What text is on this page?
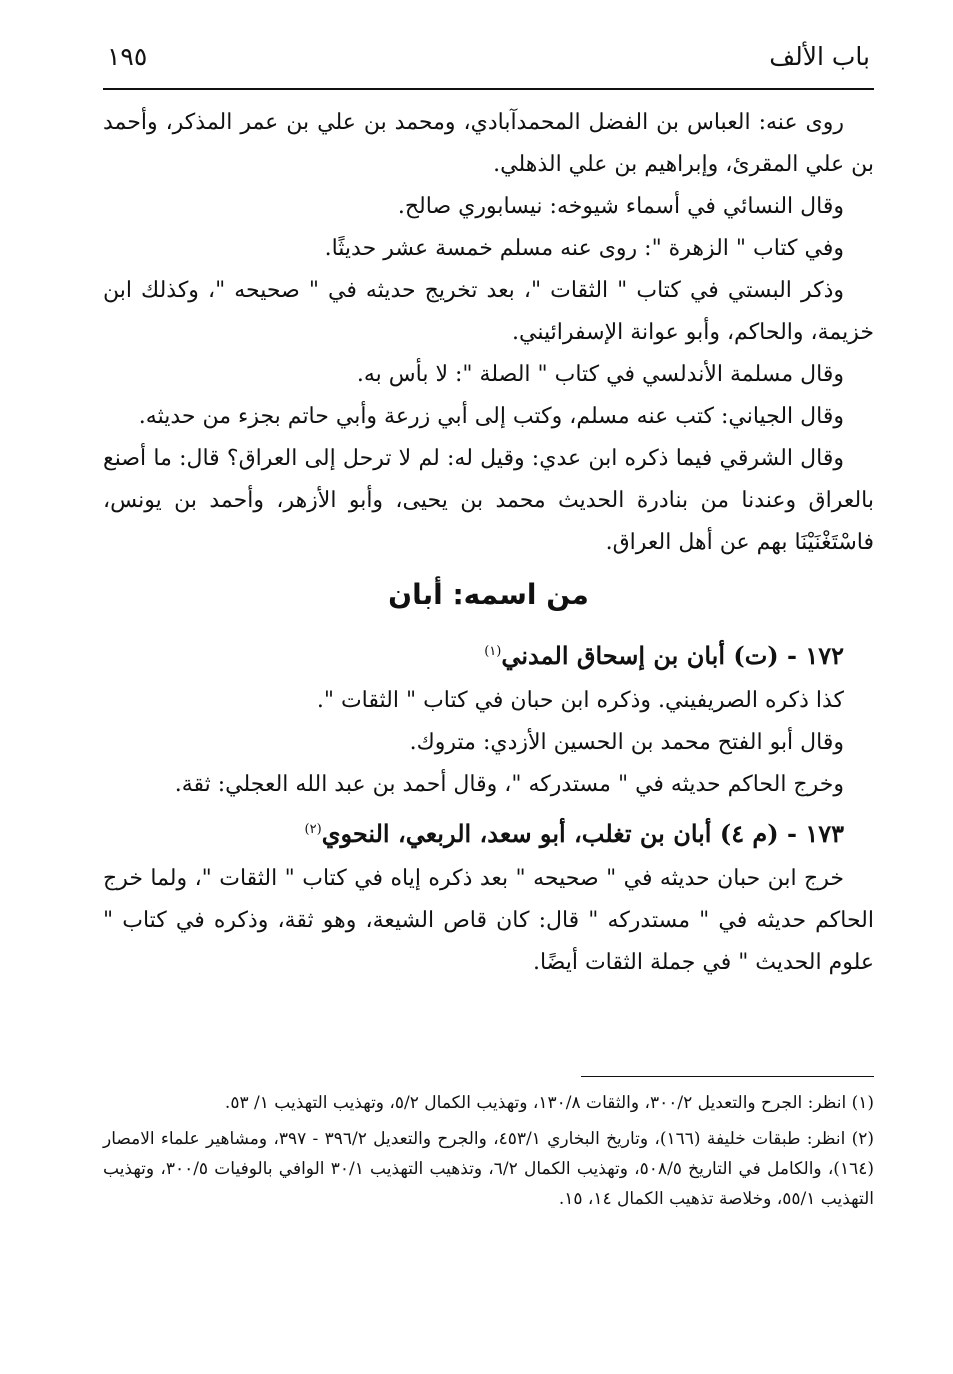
باب الألف
١٩٥

روى عنه: العباس بن الفضل المحمدآبادي، ومحمد بن علي بن عمر المذكر، وأحمد بن علي المقرئ، وإبراهيم بن علي الذهلي.

وقال النسائي في أسماء شيوخه: نيسابوري صالح.

وفي كتاب " الزهرة ": روى عنه مسلم خمسة عشر حديثًا.

وذكر البستي في كتاب " الثقات "، بعد تخريج حديثه في " صحيحه "، وكذلك ابن خزيمة، والحاكم، وأبو عوانة الإسفرائيني.

وقال مسلمة الأندلسي في كتاب " الصلة ": لا بأس به.

وقال الجياني: كتب عنه مسلم، وكتب إلى أبي زرعة وأبي حاتم بجزء من حديثه.

وقال الشرقي فيما ذكره ابن عدي: وقيل له: لم لا ترحل إلى العراق؟ قال: ما أصنع بالعراق وعندنا من بنادرة الحديث محمد بن يحيى، وأبو الأزهر، وأحمد بن يونس، فاسْتَغْنَيْنَا بهم عن أهل العراق.

من اسمه: أبان

١٧٢ - (ت) أبان بن إسحاق المدني$^{(١)}$

كذا ذكره الصريفيني. وذكره ابن حبان في كتاب " الثقات ".

وقال أبو الفتح محمد بن الحسين الأزدي: متروك.

وخرج الحاكم حديثه في " مستدركه "، وقال أحمد بن عبد الله العجلي: ثقة.

١٧٣ - (م ٤) أبان بن تغلب، أبو سعد، الربعي، النحوي$^{(٢)}$

خرج ابن حبان حديثه في " صحيحه " بعد ذكره إياه في كتاب " الثقات "، ولما خرج الحاكم حديثه في " مستدركه " قال: كان قاص الشيعة، وهو ثقة، وذكره في كتاب " علوم الحديث " في جملة الثقات أيضًا.

(١) انظر: الجرح والتعديل ٣٠٠/٢، والثقات ١٣٠/٨، وتهذيب الكمال ٥/٢، وتهذيب التهذيب ١/ ٥٣.

(٢) انظر: طبقات خليفة (١٦٦)، وتاريخ البخاري ٤٥٣/١، والجرح والتعديل ٣٩٦/٢ - ٣٩٧، ومشاهير علماء الامصار (١٦٤)، والكامل في التاريخ ٥٠٨/٥، وتهذيب الكمال ٦/٢، وتذهيب التهذيب ٣٠/١ الوافي بالوفيات ٣٠٠/٥، وتهذيب التهذيب ٥٥/١، وخلاصة تذهيب الكمال ١٤، ١٥.
